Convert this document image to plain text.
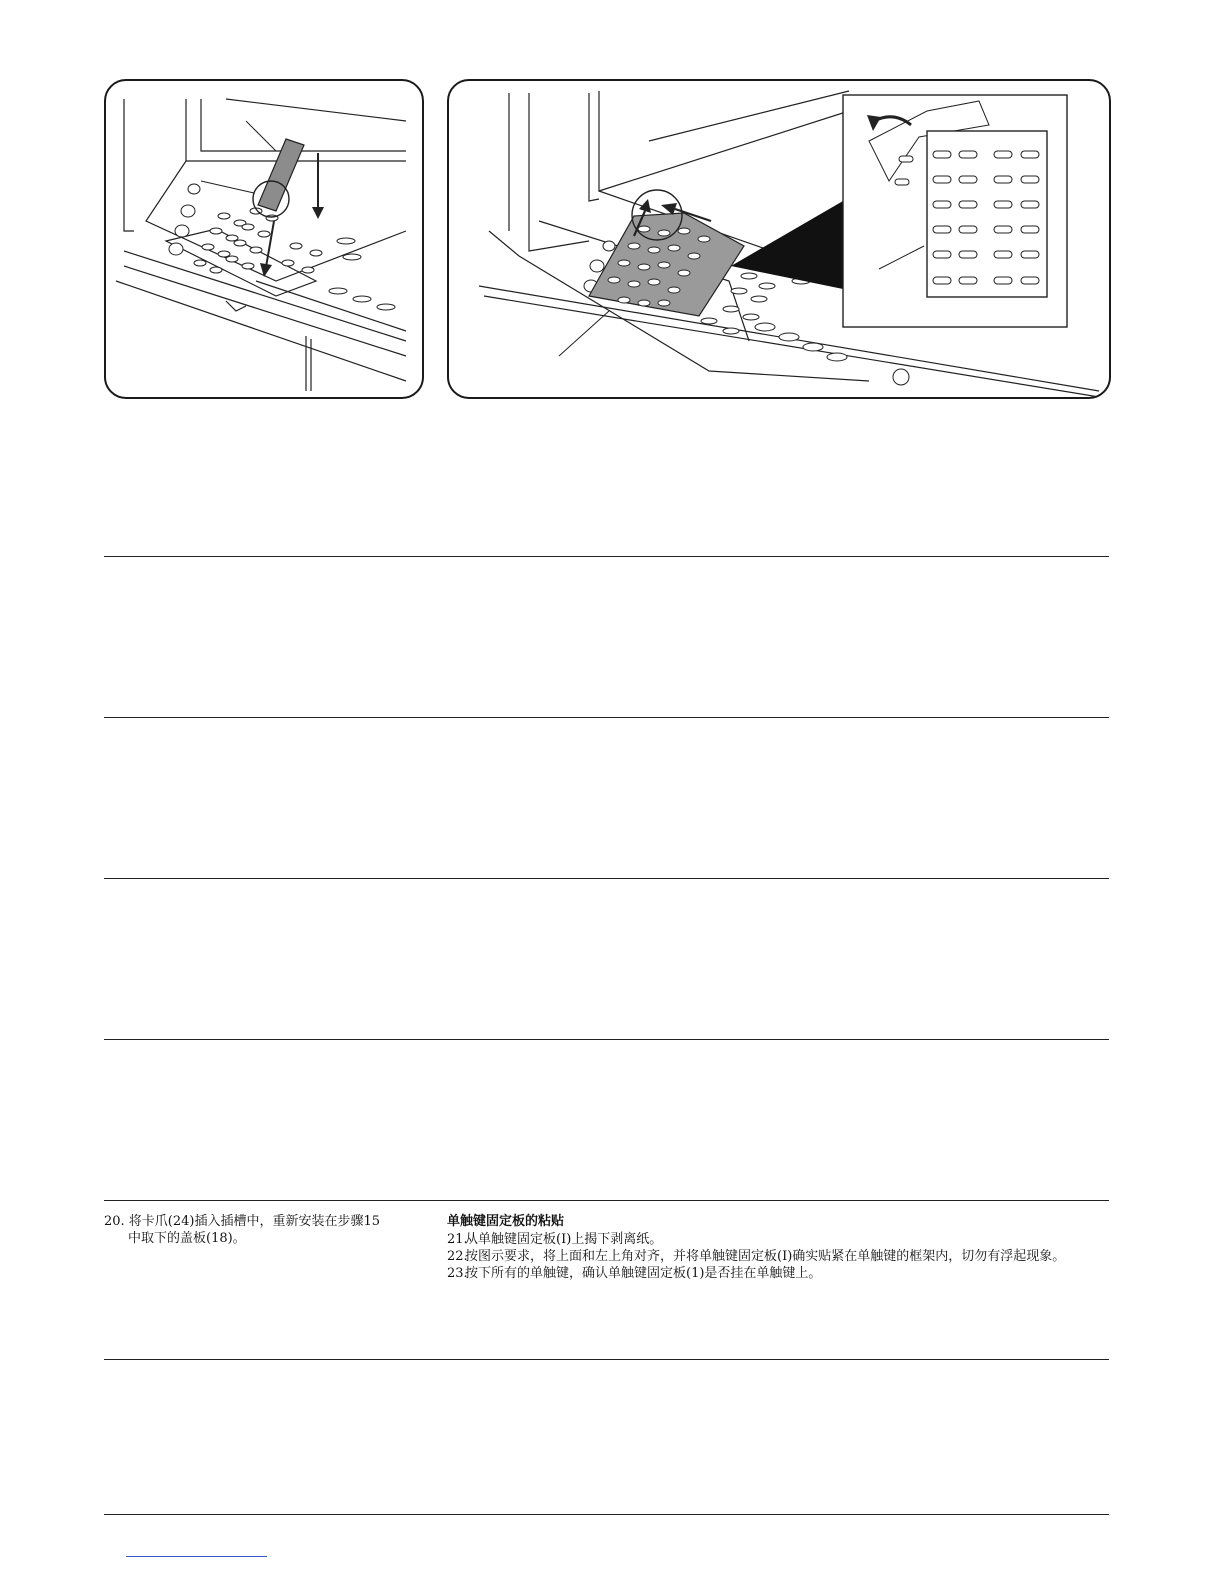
20. 将卡爪(24)插入插槽中，重新安装在步骤15
中取下的盖板(18)。
单触键固定板的粘贴
21.
从单触键固定板(I)上揭下剥离纸。
22.
按图示要求，将上面和左上角对齐，并将单触键固定板(I)确实贴紧在单触键的框架内，切勿有浮起现象。
23.
按下所有的单触键，确认单触键固定板(1)是否挂在单触键上。
